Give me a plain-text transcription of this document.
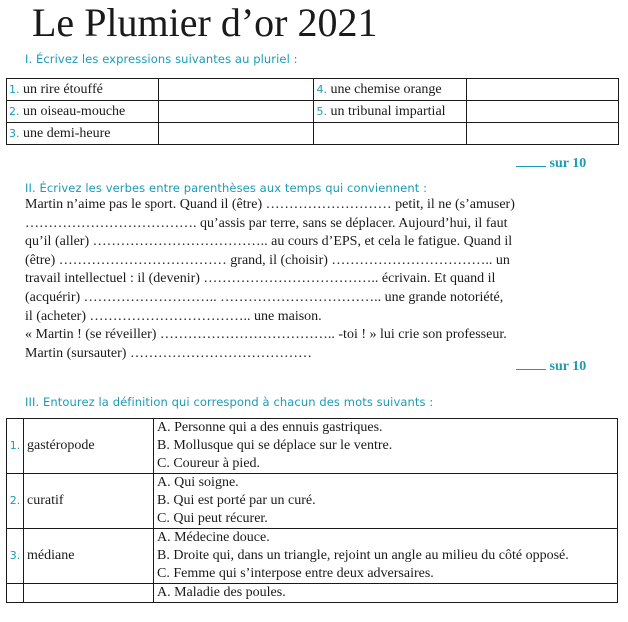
Le Plumier d’or 2021
I. Écrivez les expressions suivantes au pluriel :
1. un rire étouffé		4. une chemise orange	
2. un oiseau-mouche		5. un tribunal impartial	
3. une demi-heure			
sur 10
II. Écrivez les verbes entre parenthèses aux temps qui conviennent :
Martin n’aime pas le sport. Quand il (être) ……………………… petit, il ne (s’amuser)
………………………………. qu’assis par terre, sans se déplacer. Aujourd’hui, il faut
qu’il (aller) ……………………………….. au cours d’EPS, et cela le fatigue. Quand il
(être) ……………………………… grand, il (choisir) …………………………….. un
travail intellectuel : il (devenir) ……………………………….. écrivain. Et quand il
(acquérir) ……………………….. …………………………….. une grande notoriété,
il (acheter) …………………………….. une maison.
« Martin ! (se réveiller) ……………………………….. -toi ! » lui crie son professeur.
Martin (sursauter) …………………………………
sur 10
III. Entourez la définition qui correspond à chacun des mots suivants :
1.	gastéropode	A. Personne qui a des ennuis gastriques.
B. Mollusque qui se déplace sur le ventre.
C. Coureur à pied.

2.	curatif	A. Qui soigne.
B. Qui est porté par un curé.
C. Qui peut récurer.

3.	médiane	A. Médecine douce.
B. Droite qui, dans un triangle, rejoint un angle au milieu du côté opposé.
C. Femme qui s’interpose entre deux adversaires.

		A. Maladie des poules.
